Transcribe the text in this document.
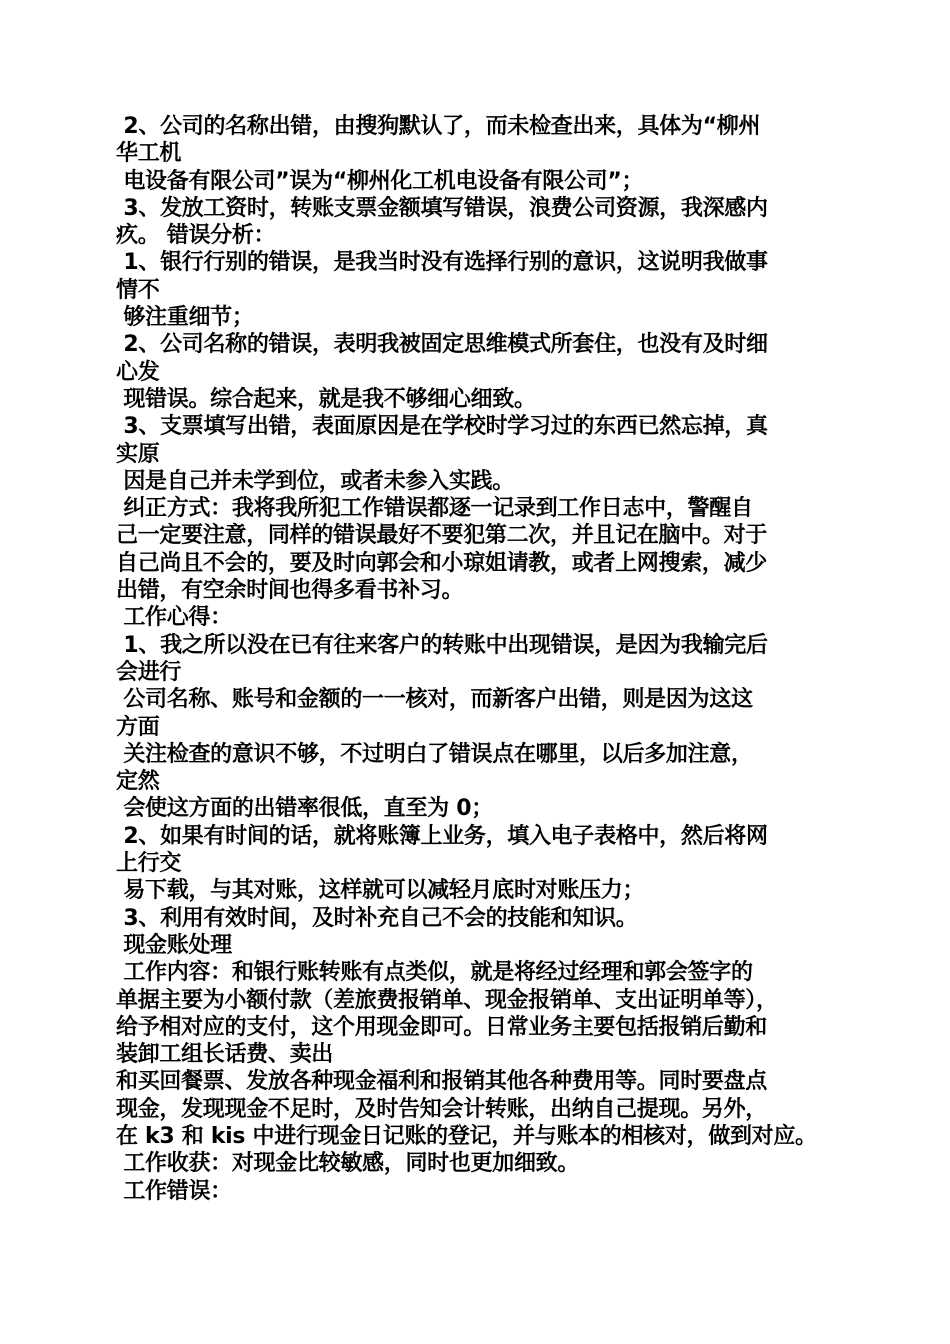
2、公司的名称出错，由搜狗默认了，而未检查出来，具体为“柳州
华工机
电设备有限公司”误为“柳州化工机电设备有限公司”；
3、发放工资时，转账支票金额填写错误，浪费公司资源，我深感内
疚。 错误分析：
1、银行行别的错误，是我当时没有选择行别的意识，这说明我做事
情不
够注重细节；
2、公司名称的错误，表明我被固定思维模式所套住，也没有及时细
心发
现错误。综合起来，就是我不够细心细致。
3、支票填写出错，表面原因是在学校时学习过的东西已然忘掉，真
实原
因是自己并未学到位，或者未参入实践。
纠正方式：我将我所犯工作错误都逐一记录到工作日志中，警醒自
己一定要注意，同样的错误最好不要犯第二次，并且记在脑中。对于
自己尚且不会的，要及时向郭会和小琼姐请教，或者上网搜索，减少
出错，有空余时间也得多看书补习。
工作心得：
1、我之所以没在已有往来客户的转账中出现错误，是因为我输完后
会进行
公司名称、账号和金额的一一核对，而新客户出错，则是因为这这
方面
关注检查的意识不够，不过明白了错误点在哪里，以后多加注意，
定然
会使这方面的出错率很低，直至为 0；
2、如果有时间的话，就将账簿上业务，填入电子表格中，然后将网
上行交
易下载，与其对账，这样就可以减轻月底时对账压力；
3、利用有效时间，及时补充自己不会的技能和知识。
现金账处理
工作内容：和银行账转账有点类似，就是将经过经理和郭会签字的
单据主要为小额付款（差旅费报销单、现金报销单、支出证明单等），
给予相对应的支付，这个用现金即可。日常业务主要包括报销后勤和
装卸工组长话费、卖出
和买回餐票、发放各种现金福利和报销其他各种费用等。同时要盘点
现金，发现现金不足时，及时告知会计转账，出纳自己提现。另外，
在 k3 和 kis 中进行现金日记账的登记，并与账本的相核对，做到对应。
工作收获：对现金比较敏感，同时也更加细致。
工作错误：
